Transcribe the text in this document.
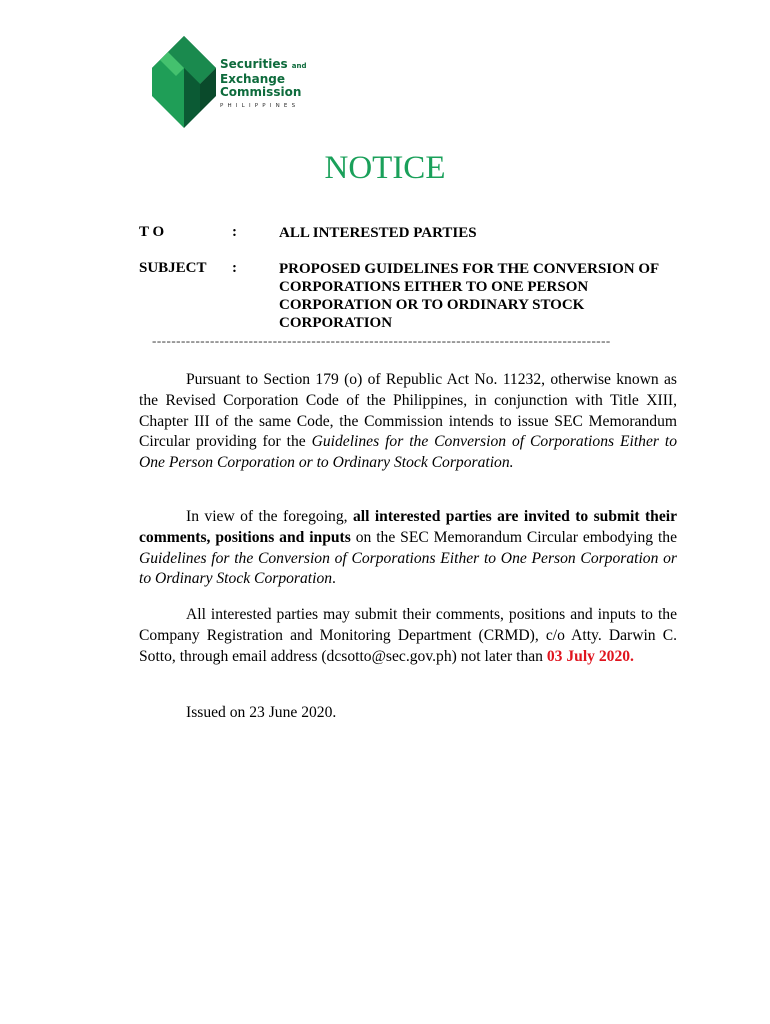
Securities and
Exchange
Commission
PHILIPPINES
NOTICE
T O	:	ALL INTERESTED PARTIES
SUBJECT :	PROPOSED GUIDELINES FOR THE CONVERSION OF CORPORATIONS EITHER TO ONE PERSON CORPORATION OR TO ORDINARY STOCK CORPORATION
-----------------------------------------------------------------------------------------------

Pursuant to Section 179 (o) of Republic Act No. 11232, otherwise known as the Revised Corporation Code of the Philippines, in conjunction with Title XIII, Chapter III of the same Code, the Commission intends to issue SEC Memorandum Circular providing for the Guidelines for the Conversion of Corporations Either to One Person Corporation or to Ordinary Stock Corporation.

In view of the foregoing, all interested parties are invited to submit their comments, positions and inputs on the SEC Memorandum Circular embodying the Guidelines for the Conversion of Corporations Either to One Person Corporation or to Ordinary Stock Corporation.

All interested parties may submit their comments, positions and inputs to the Company Registration and Monitoring Department (CRMD), c/o Atty. Darwin C. Sotto, through email address (dcsotto@sec.gov.ph) not later than 03 July 2020.

Issued on 23 June 2020.
